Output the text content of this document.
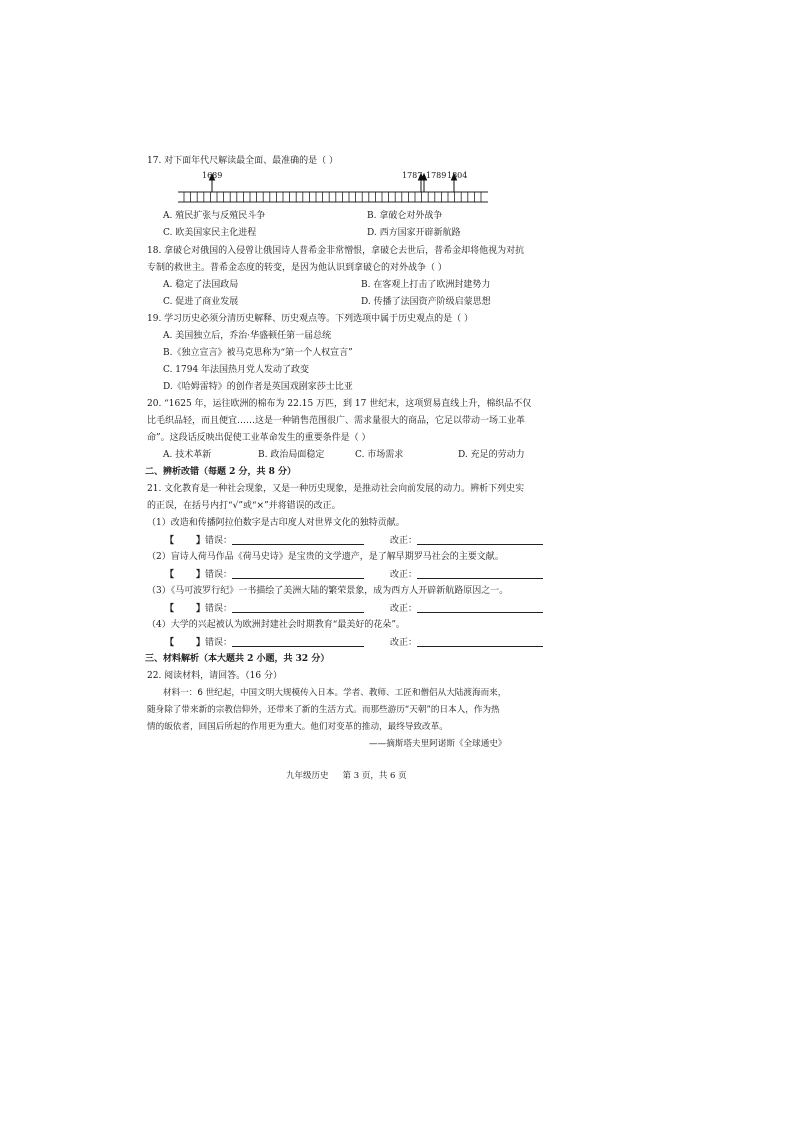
17. 对下面年代尺解读最全面、最准确的是（ ）
1689	1787 1789 1804
A. 殖民扩张与反殖民斗争	B. 拿破仑对外战争
C. 欧美国家民主化进程	D. 西方国家开辟新航路
18. 拿破仑对俄国的入侵曾让俄国诗人普希金非常憎恨，拿破仑去世后，普希金却将他视为对抗
专制的救世主。普希金态度的转变，是因为他认识到拿破仑的对外战争（ ）
A. 稳定了法国政局	B. 在客观上打击了欧洲封建势力
C. 促进了商业发展	D. 传播了法国资产阶级启蒙思想
19. 学习历史必须分清历史解释、历史观点等。下列选项中属于历史观点的是（ ）
A. 美国独立后，乔治·华盛顿任第一届总统
B.《独立宣言》被马克思称为“第一个人权宣言”
C. 1794 年法国热月党人发动了政变
D.《哈姆雷特》的创作者是英国戏剧家莎士比亚
20. “1625 年，运往欧洲的棉布为 22.15 万匹，到 17 世纪末，这项贸易直线上升，棉织品不仅
比毛织品轻，而且便宜……这是一种销售范围很广、需求量很大的商品，它足以带动一场工业革
命”。这段话反映出促使工业革命发生的重要条件是（ ）
A. 技术革新	B. 政治局面稳定	C. 市场需求	D. 充足的劳动力
二、辨析改错（每题 2 分，共 8 分）
21. 文化教育是一种社会现象，又是一种历史现象，是推动社会向前发展的动力。辨析下列史实
的正误，在括号内打“√”或“×”并将错误的改正。
（1）改造和传播阿拉伯数字是古印度人对世界文化的独特贡献。
【 】错误：	改正：
（2）盲诗人荷马作品《荷马史诗》是宝贵的文学遗产，是了解早期罗马社会的主要文献。
【 】错误：	改正：
（3）《马可波罗行纪》一书描绘了美洲大陆的繁荣景象，成为西方人开辟新航路原因之一。
【 】错误：	改正：
（4）大学的兴起被认为欧洲封建社会时期教育“最美好的花朵”。
【 】错误：	改正：
三、材料解析（本大题共 2 小题，共 32 分）
22. 阅读材料，请回答。（16 分）
材料一：6 世纪起，中国文明大规模传入日本。学者、教师、工匠和僧侣从大陆渡海而来，
随身除了带来新的宗教信仰外，还带来了新的生活方式。而那些游历“天朝”的日本人，作为热
情的皈依者，回国后所起的作用更为重大。他们对变革的推动，最终导致改革。
——摘斯塔夫里阿诺斯《全球通史》
九年级历史 第 3 页，共 6 页
